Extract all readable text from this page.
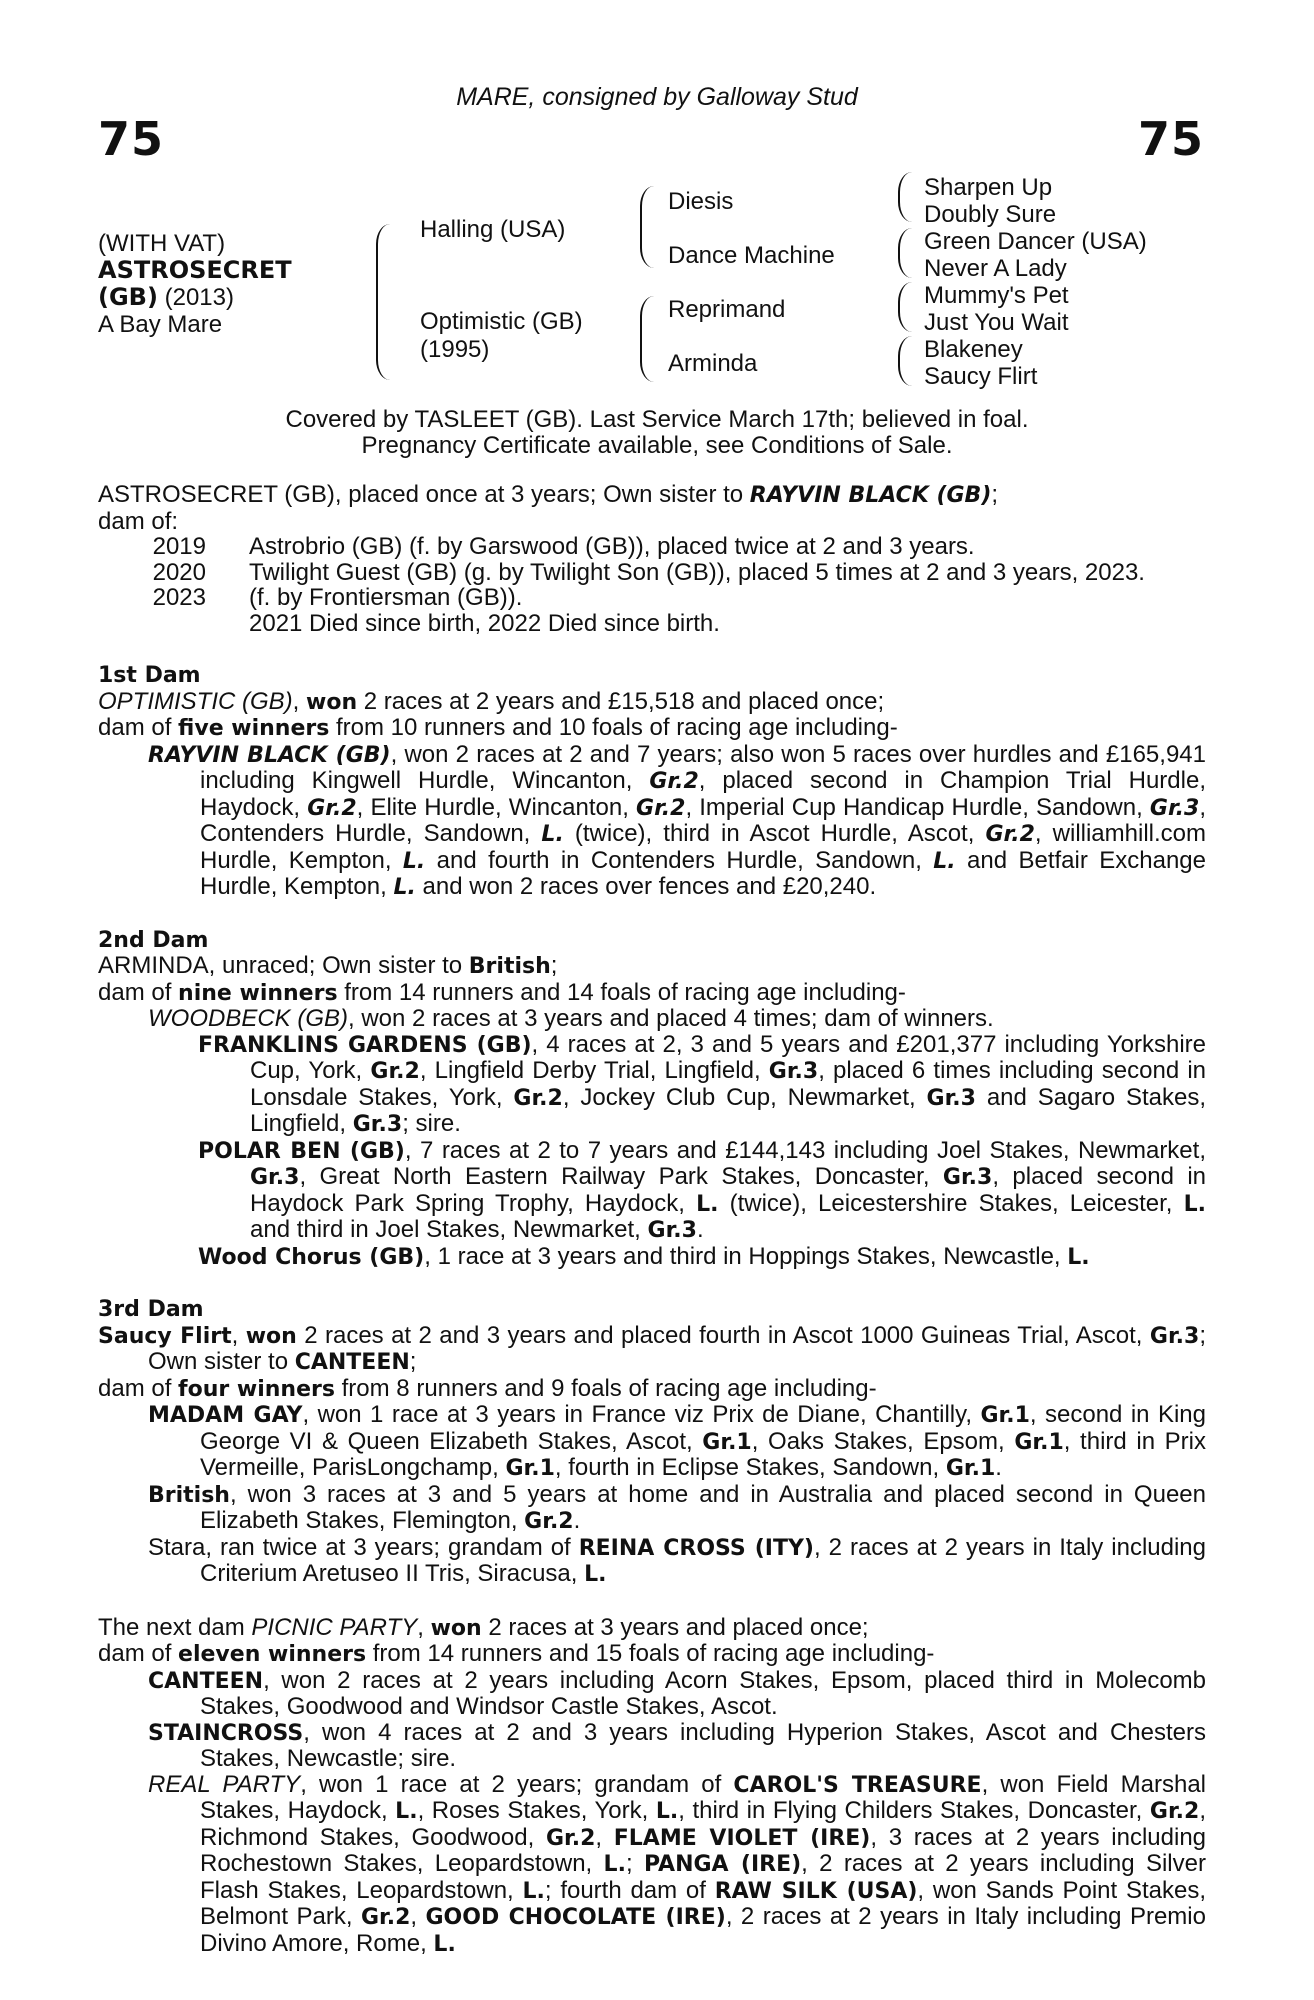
MARE, consigned by Galloway Stud
75	75
(WITH VAT)
ASTROSECRET
(GB) (2013)
A Bay Mare
Halling (USA)
Optimistic (GB)
(1995)
Diesis
Dance Machine
Reprimand
Arminda
Sharpen Up
Doubly Sure
Green Dancer (USA)
Never A Lady
Mummy's Pet
Just You Wait
Blakeney
Saucy Flirt
Covered by TASLEET (GB). Last Service March 17th; believed in foal.
Pregnancy Certificate available, see Conditions of Sale.

ASTROSECRET (GB), placed once at 3 years; Own sister to RAYVIN BLACK (GB);

dam of:

2019	Astrobrio (GB) (f. by Garswood (GB)), placed twice at 2 and 3 years.
2020	Twilight Guest (GB) (g. by Twilight Son (GB)), placed 5 times at 2 and 3 years, 2023.
2023	(f. by Frontiersman (GB)).
2021 Died since birth, 2022 Died since birth.
1st Dam

OPTIMISTIC (GB), won 2 races at 2 years and £15,518 and placed once;

dam of five winners from 10 runners and 10 foals of racing age including-

RAYVIN BLACK (GB), won 2 races at 2 and 7 years; also won 5 races over hurdles and £165,941 including Kingwell Hurdle, Wincanton, Gr.2, placed second in Champion Trial Hurdle, Haydock, Gr.2, Elite Hurdle, Wincanton, Gr.2, Imperial Cup Handicap Hurdle, Sandown, Gr.3, Contenders Hurdle, Sandown, L. (twice), third in Ascot Hurdle, Ascot, Gr.2, williamhill.com Hurdle, Kempton, L. and fourth in Contenders Hurdle, Sandown, L. and Betfair Exchange Hurdle, Kempton, L. and won 2 races over fences and £20,240.

2nd Dam

ARMINDA, unraced; Own sister to British;

dam of nine winners from 14 runners and 14 foals of racing age including-

WOODBECK (GB), won 2 races at 3 years and placed 4 times; dam of winners.

FRANKLINS GARDENS (GB), 4 races at 2, 3 and 5 years and £201,377 including Yorkshire Cup, York, Gr.2, Lingfield Derby Trial, Lingfield, Gr.3, placed 6 times including second in Lonsdale Stakes, York, Gr.2, Jockey Club Cup, Newmarket, Gr.3 and Sagaro Stakes, Lingfield, Gr.3; sire.

POLAR BEN (GB), 7 races at 2 to 7 years and £144,143 including Joel Stakes, Newmarket, Gr.3, Great North Eastern Railway Park Stakes, Doncaster, Gr.3, placed second in Haydock Park Spring Trophy, Haydock, L. (twice), Leicestershire Stakes, Leicester, L. and third in Joel Stakes, Newmarket, Gr.3.

Wood Chorus (GB), 1 race at 3 years and third in Hoppings Stakes, Newcastle, L.

3rd Dam

Saucy Flirt, won 2 races at 2 and 3 years and placed fourth in Ascot 1000 Guineas Trial, Ascot, Gr.3; Own sister to CANTEEN;

dam of four winners from 8 runners and 9 foals of racing age including-

MADAM GAY, won 1 race at 3 years in France viz Prix de Diane, Chantilly, Gr.1, second in King George VI & Queen Elizabeth Stakes, Ascot, Gr.1, Oaks Stakes, Epsom, Gr.1, third in Prix Vermeille, ParisLongchamp, Gr.1, fourth in Eclipse Stakes, Sandown, Gr.1.

British, won 3 races at 3 and 5 years at home and in Australia and placed second in Queen Elizabeth Stakes, Flemington, Gr.2.

Stara, ran twice at 3 years; grandam of REINA CROSS (ITY), 2 races at 2 years in Italy including Criterium Aretuseo II Tris, Siracusa, L.

The next dam PICNIC PARTY, won 2 races at 3 years and placed once;

dam of eleven winners from 14 runners and 15 foals of racing age including-

CANTEEN, won 2 races at 2 years including Acorn Stakes, Epsom, placed third in Molecomb Stakes, Goodwood and Windsor Castle Stakes, Ascot.

STAINCROSS, won 4 races at 2 and 3 years including Hyperion Stakes, Ascot and Chesters Stakes, Newcastle; sire.

REAL PARTY, won 1 race at 2 years; grandam of CAROL'S TREASURE, won Field Marshal Stakes, Haydock, L., Roses Stakes, York, L., third in Flying Childers Stakes, Doncaster, Gr.2, Richmond Stakes, Goodwood, Gr.2, FLAME VIOLET (IRE), 3 races at 2 years including Rochestown Stakes, Leopardstown, L.; PANGA (IRE), 2 races at 2 years including Silver Flash Stakes, Leopardstown, L.; fourth dam of RAW SILK (USA), won Sands Point Stakes, Belmont Park, Gr.2, GOOD CHOCOLATE (IRE), 2 races at 2 years in Italy including Premio Divino Amore, Rome, L.
